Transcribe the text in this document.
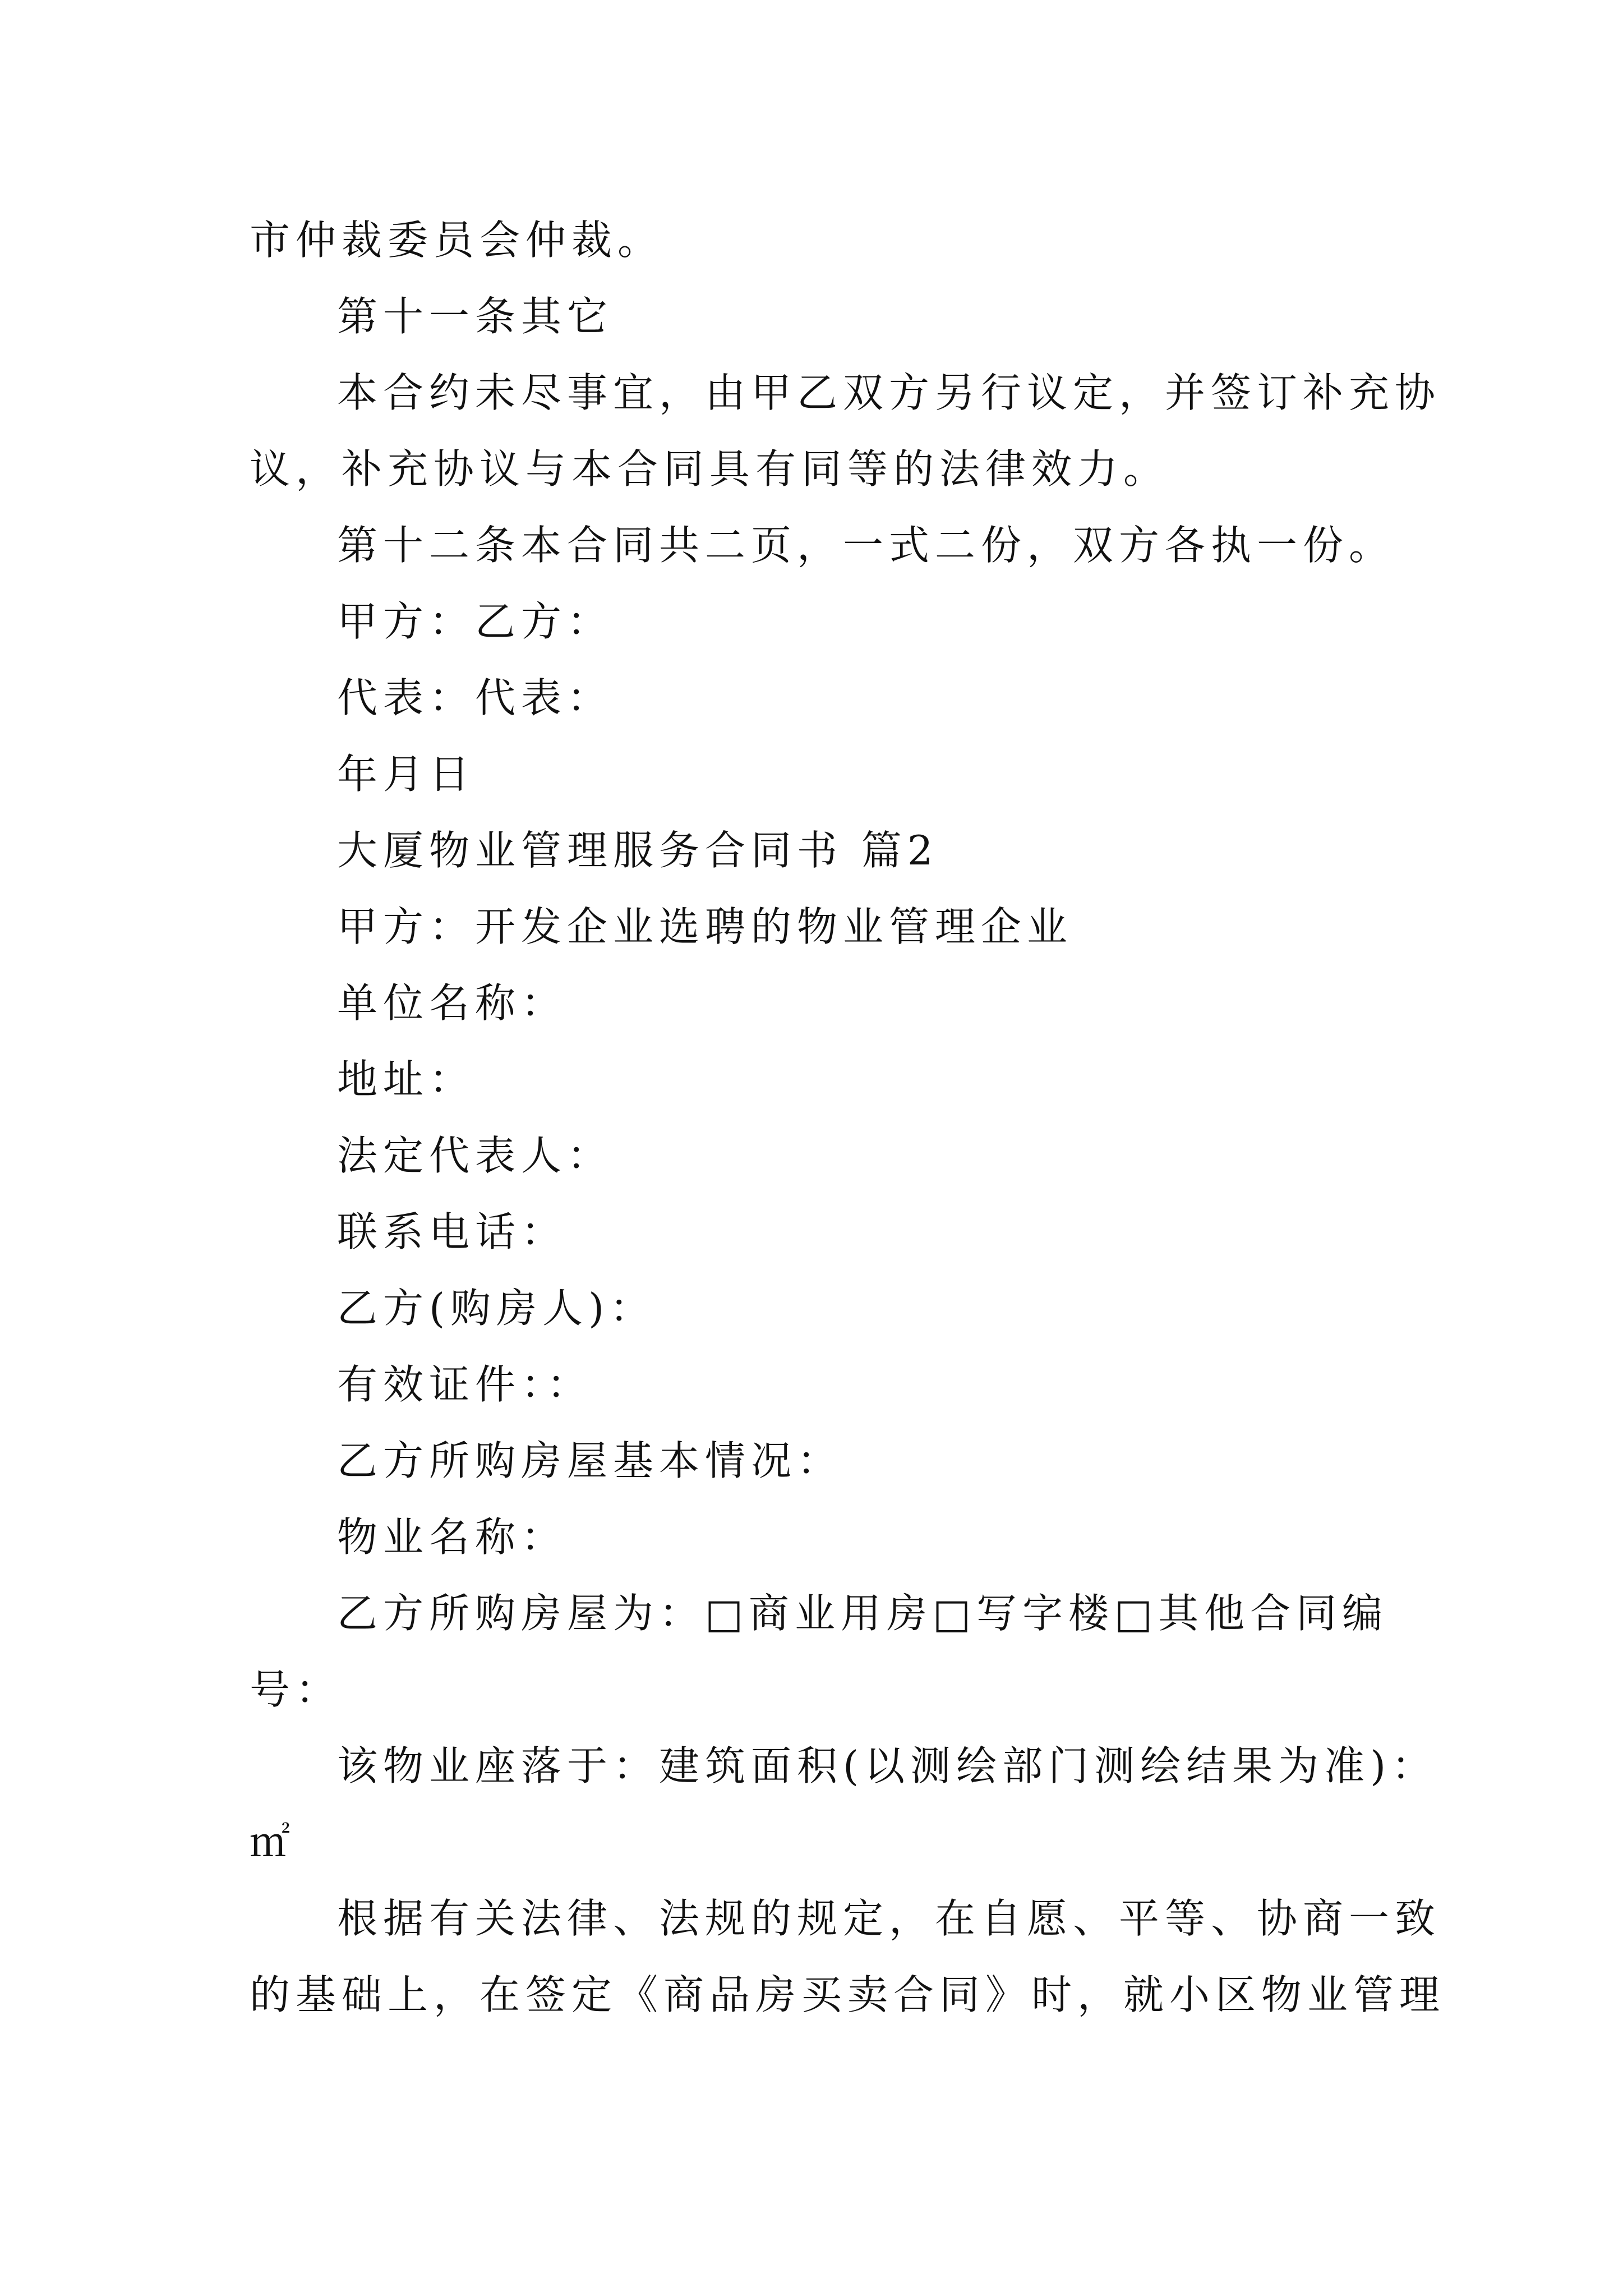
市仲裁委员会仲裁。
第十一条其它
本合约未尽事宜，由甲乙双方另行议定，并签订补充协
议，补充协议与本合同具有同等的法律效力。
第十二条本合同共二页，一式二份，双方各执一份。
甲方：乙方：
代表：代表：
年月日
大厦物业管理服务合同书 篇2
甲方：开发企业选聘的物业管理企业
单位名称：
地址：
法定代表人：
联系电话：
乙方(购房人)：
有效证件：：
乙方所购房屋基本情况：
物业名称：
乙方所购房屋为：□商业用房□写字楼□其他合同编
号：
该物业座落于：建筑面积(以测绘部门测绘结果为准)：
㎡
根据有关法律、法规的规定，在自愿、平等、协商一致
的基础上，在签定《商品房买卖合同》时，就小区物业管理
